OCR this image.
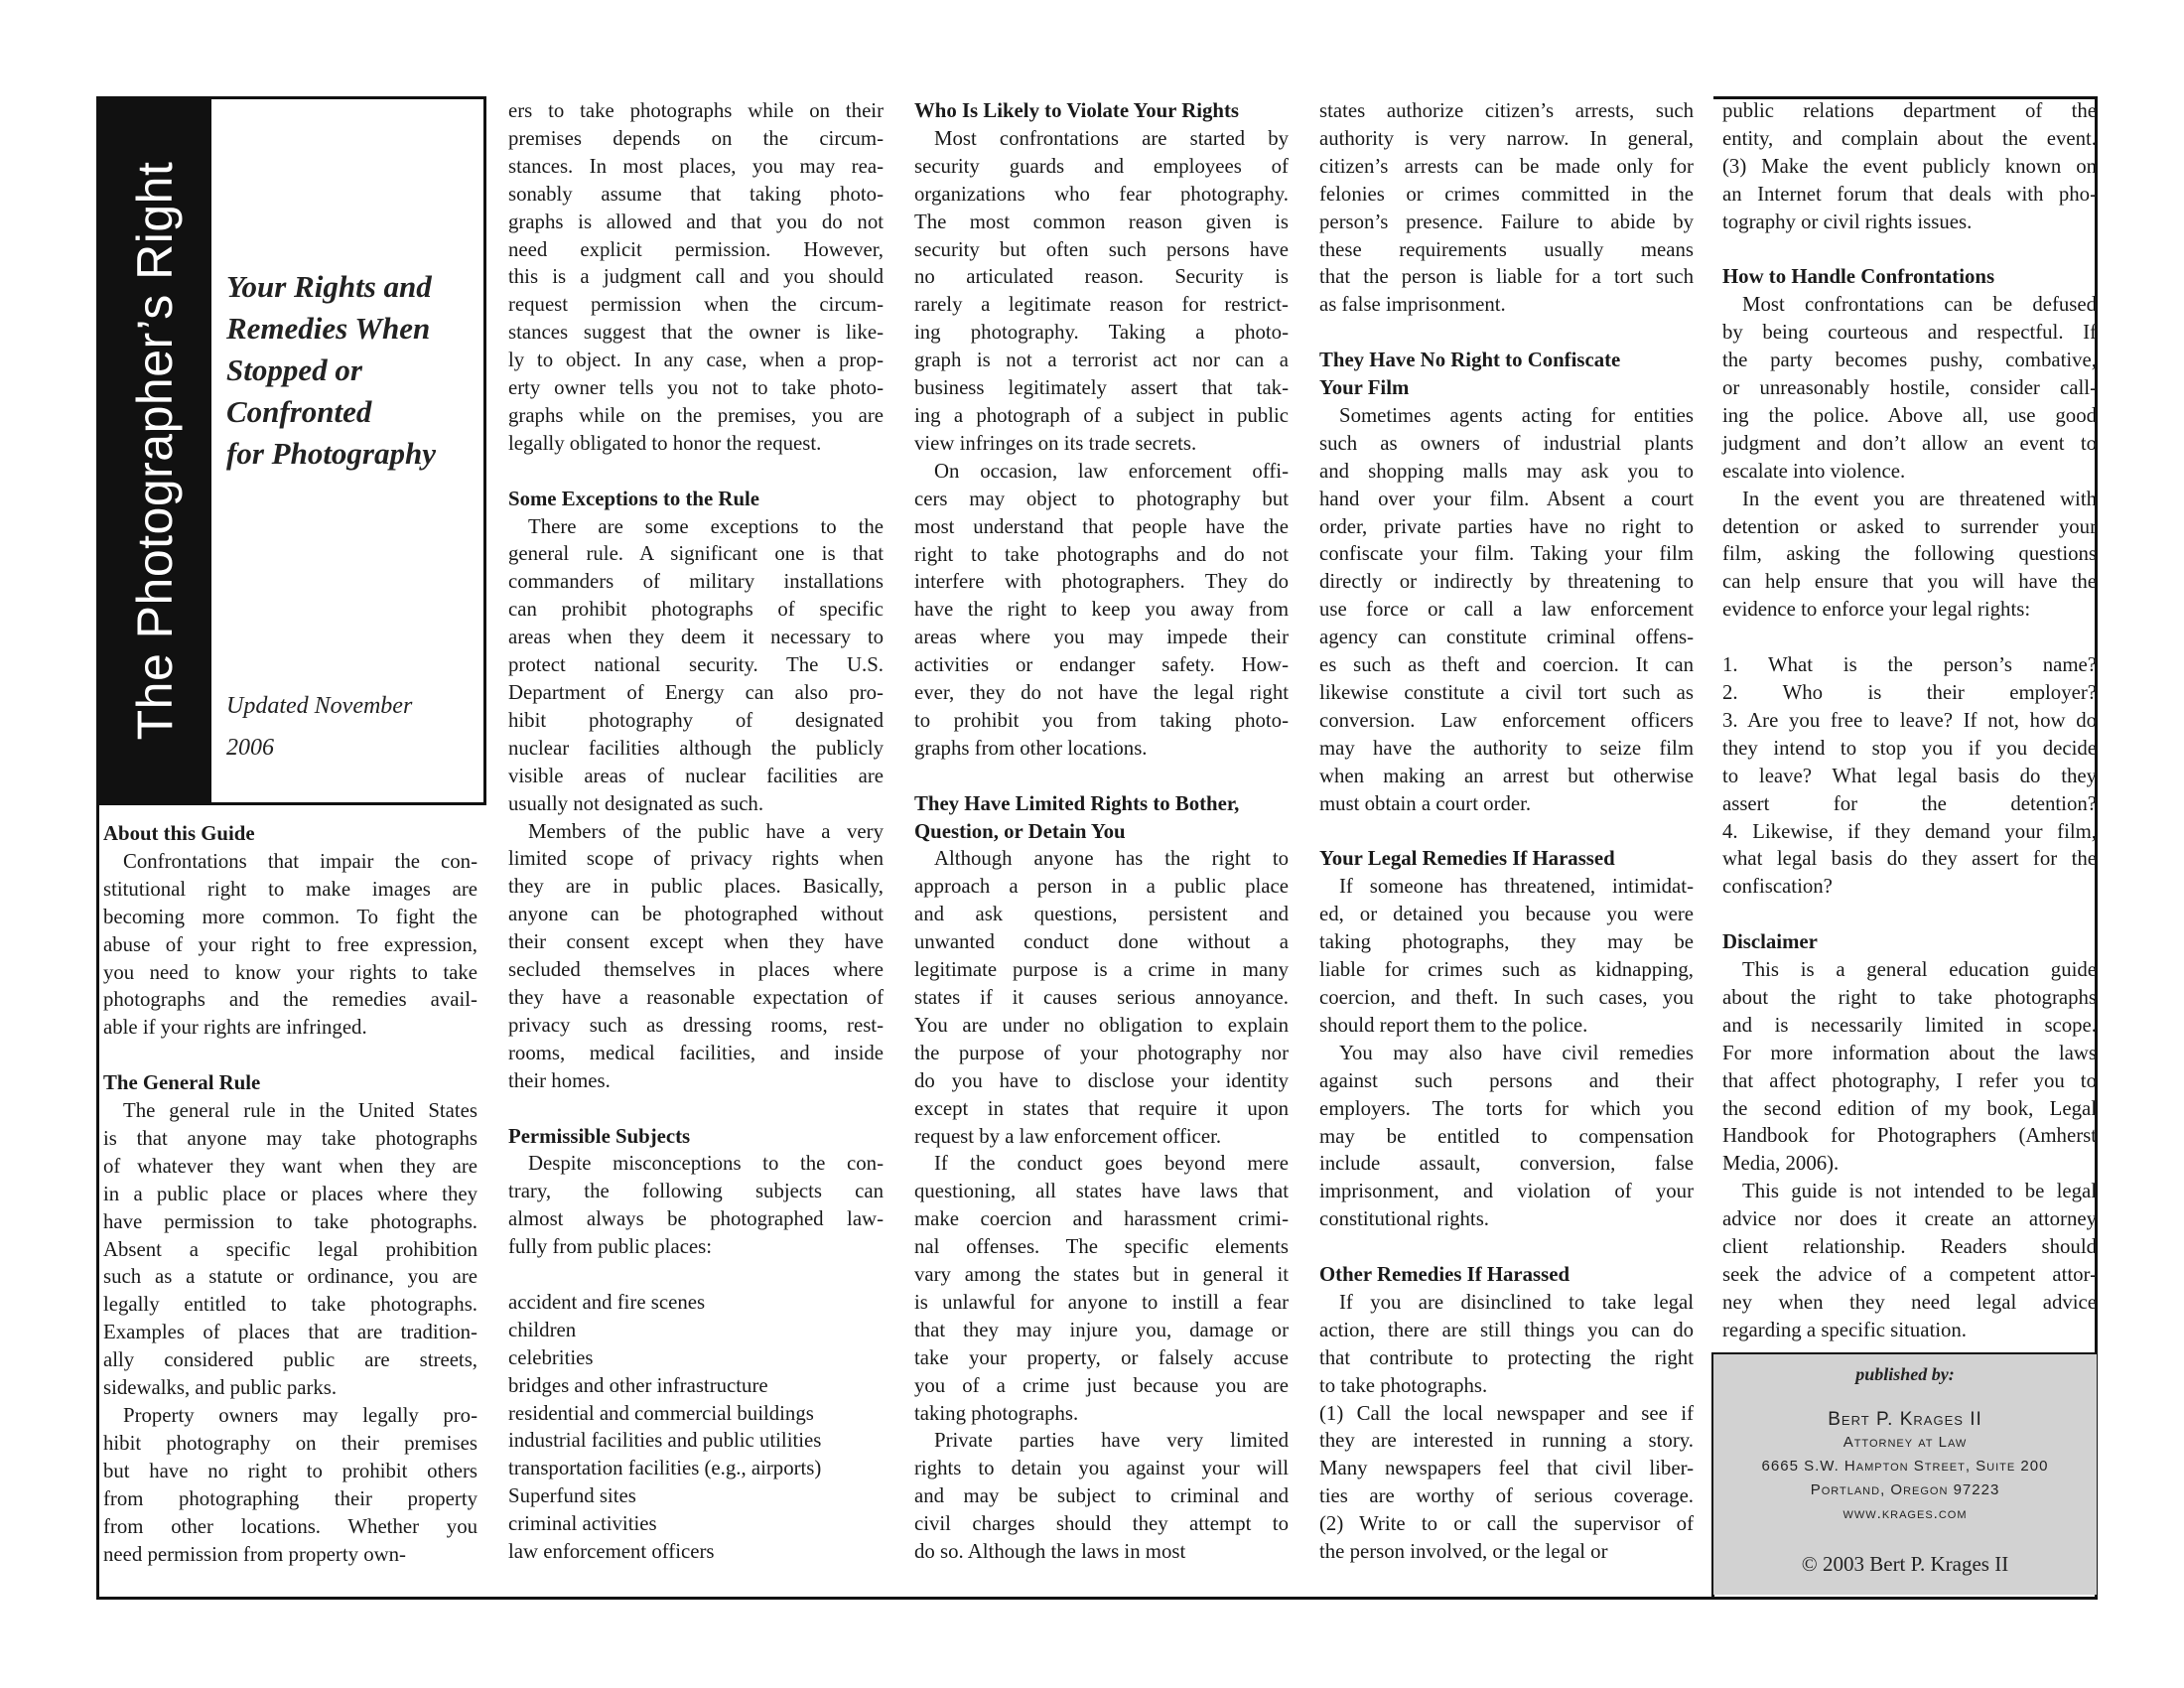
The Photographer’s Right Your Rights and
Remedies When
Stopped or
Confronted
for Photography
Updated November
2006
About this Guide
Confrontations that impair the con-
stitutional right to make images are
becoming more common. To fight the
abuse of your right to free expression,
you need to know your rights to take
photographs and the remedies avail-
able if your rights are infringed.
The General Rule
The general rule in the United States
is that anyone may take photographs
of whatever they want when they are
in a public place or places where they
have permission to take photographs.
Absent a specific legal prohibition
such as a statute or ordinance, you are
legally entitled to take photographs.
Examples of places that are tradition-
ally considered public are streets,
sidewalks, and public parks.
Property owners may legally pro-
hibit photography on their premises
but have no right to prohibit others
from photographing their property
from other locations. Whether you
need permission from property own-
ers to take photographs while on their
premises depends on the circum-
stances. In most places, you may rea-
sonably assume that taking photo-
graphs is allowed and that you do not
need explicit permission. However,
this is a judgment call and you should
request permission when the circum-
stances suggest that the owner is like-
ly to object. In any case, when a prop-
erty owner tells you not to take photo-
graphs while on the premises, you are
legally obligated to honor the request.
Some Exceptions to the Rule
There are some exceptions to the
general rule. A significant one is that
commanders of military installations
can prohibit photographs of specific
areas when they deem it necessary to
protect national security. The U.S.
Department of Energy can also pro-
hibit photography of designated
nuclear facilities although the publicly
visible areas of nuclear facilities are
usually not designated as such.
Members of the public have a very
limited scope of privacy rights when
they are in public places. Basically,
anyone can be photographed without
their consent except when they have
secluded themselves in places where
they have a reasonable expectation of
privacy such as dressing rooms, rest-
rooms, medical facilities, and inside
their homes.
Permissible Subjects
Despite misconceptions to the con-
trary, the following subjects can
almost always be photographed law-
fully from public places:
accident and fire scenes
children
celebrities
bridges and other infrastructure
residential and commercial buildings
industrial facilities and public utilities
transportation facilities (e.g., airports)
Superfund sites
criminal activities
law enforcement officers
Who Is Likely to Violate Your Rights
Most confrontations are started by
security guards and employees of
organizations who fear photography.
The most common reason given is
security but often such persons have
no articulated reason. Security is
rarely a legitimate reason for restrict-
ing photography. Taking a photo-
graph is not a terrorist act nor can a
business legitimately assert that tak-
ing a photograph of a subject in public
view infringes on its trade secrets.
On occasion, law enforcement offi-
cers may object to photography but
most understand that people have the
right to take photographs and do not
interfere with photographers. They do
have the right to keep you away from
areas where you may impede their
activities or endanger safety. How-
ever, they do not have the legal right
to prohibit you from taking photo-
graphs from other locations.
They Have Limited Rights to Bother,
Question, or Detain You
Although anyone has the right to
approach a person in a public place
and ask questions, persistent and
unwanted conduct done without a
legitimate purpose is a crime in many
states if it causes serious annoyance.
You are under no obligation to explain
the purpose of your photography nor
do you have to disclose your identity
except in states that require it upon
request by a law enforcement officer.
If the conduct goes beyond mere
questioning, all states have laws that
make coercion and harassment crimi-
nal offenses. The specific elements
vary among the states but in general it
is unlawful for anyone to instill a fear
that they may injure you, damage or
take your property, or falsely accuse
you of a crime just because you are
taking photographs.
Private parties have very limited
rights to detain you against your will
and may be subject to criminal and
civil charges should they attempt to
do so. Although the laws in most
states authorize citizen’s arrests, such
authority is very narrow. In general,
citizen’s arrests can be made only for
felonies or crimes committed in the
person’s presence. Failure to abide by
these requirements usually means
that the person is liable for a tort such
as false imprisonment.
They Have No Right to Confiscate
Your Film
Sometimes agents acting for entities
such as owners of industrial plants
and shopping malls may ask you to
hand over your film. Absent a court
order, private parties have no right to
confiscate your film. Taking your film
directly or indirectly by threatening to
use force or call a law enforcement
agency can constitute criminal offens-
es such as theft and coercion. It can
likewise constitute a civil tort such as
conversion. Law enforcement officers
may have the authority to seize film
when making an arrest but otherwise
must obtain a court order.
Your Legal Remedies If Harassed
If someone has threatened, intimidat-
ed, or detained you because you were
taking photographs, they may be
liable for crimes such as kidnapping,
coercion, and theft. In such cases, you
should report them to the police.
You may also have civil remedies
against such persons and their
employers. The torts for which you
may be entitled to compensation
include assault, conversion, false
imprisonment, and violation of your
constitutional rights.
Other Remedies If Harassed
If you are disinclined to take legal
action, there are still things you can do
that contribute to protecting the right
to take photographs.
(1) Call the local newspaper and see if
they are interested in running a story.
Many newspapers feel that civil liber-
ties are worthy of serious coverage.
(2) Write to or call the supervisor of
the person involved, or the legal or
public relations department of the
entity, and complain about the event.
(3) Make the event publicly known on
an Internet forum that deals with pho-
tography or civil rights issues.
How to Handle Confrontations
Most confrontations can be defused
by being courteous and respectful. If
the party becomes pushy, combative,
or unreasonably hostile, consider call-
ing the police. Above all, use good
judgment and don’t allow an event to
escalate into violence.
In the event you are threatened with
detention or asked to surrender your
film, asking the following questions
can help ensure that you will have the
evidence to enforce your legal rights:
1. What is the person’s name?
2. Who is their employer?
3. Are you free to leave? If not, how do
they intend to stop you if you decide
to leave? What legal basis do they
assert for the detention?
4. Likewise, if they demand your film,
what legal basis do they assert for the
confiscation?
Disclaimer
This is a general education guide
about the right to take photographs
and is necessarily limited in scope.
For more information about the laws
that affect photography, I refer you to
the second edition of my book, Legal
Handbook for Photographers (Amherst
Media, 2006).
This guide is not intended to be legal
advice nor does it create an attorney
client relationship. Readers should
seek the advice of a competent attor-
ney when they need legal advice
regarding a specific situation.
published by:
Bert P. Krages II
Attorney at Law
6665 S.W. Hampton Street, Suite 200
Portland, Oregon 97223
www.krages.com
© 2003 Bert P. Krages II
